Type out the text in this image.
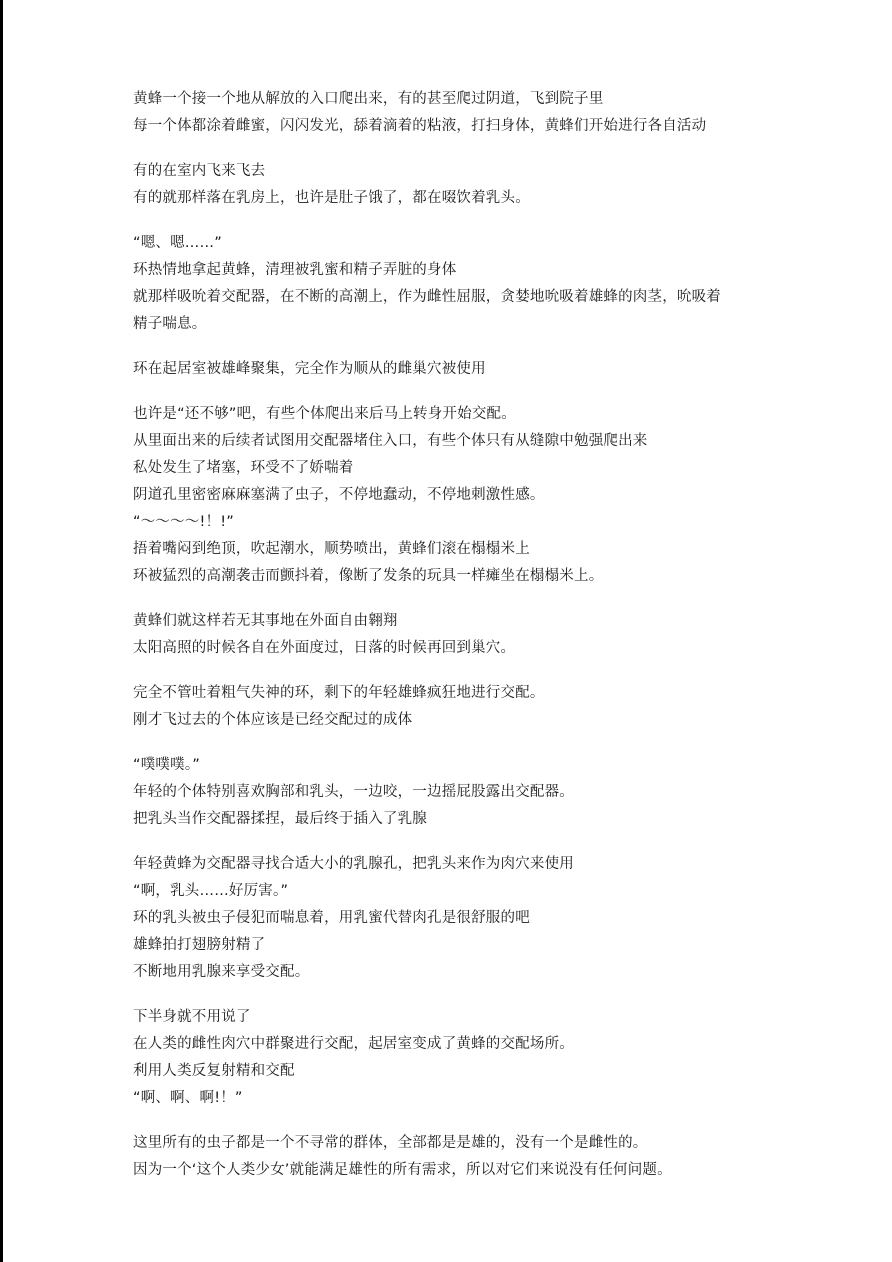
黄蜂一个接一个地从解放的入口爬出来，有的甚至爬过阴道，飞到院子里
每一个体都涂着雌蜜，闪闪发光，舔着滴着的粘液，打扫身体，黄蜂们开始进行各自活动
有的在室内飞来飞去
有的就那样落在乳房上，也许是肚子饿了，都在啜饮着乳头。
“嗯、嗯……”
环热情地拿起黄蜂，清理被乳蜜和精子弄脏的身体
就那样吸吮着交配器，在不断的高潮上，作为雌性屈服，贪婪地吮吸着雄蜂的肉茎，吮吸着
精子喘息。
环在起居室被雄峰聚集，完全作为顺从的雌巢穴被使用
也许是“还不够”吧，有些个体爬出来后马上转身开始交配。
从里面出来的后续者试图用交配器堵住入口，有些个体只有从缝隙中勉强爬出来
私处发生了堵塞，环受不了娇喘着
阴道孔里密密麻麻塞满了虫子，不停地蠢动，不停地刺激性感。
“～～～～!！!”
捂着嘴闷到绝顶，吹起潮水，顺势喷出，黄蜂们滚在榻榻米上
环被猛烈的高潮袭击而颤抖着，像断了发条的玩具一样瘫坐在榻榻米上。
黄蜂们就这样若无其事地在外面自由翱翔
太阳高照的时候各自在外面度过，日落的时候再回到巢穴。
完全不管吐着粗气失神的环，剩下的年轻雄蜂疯狂地进行交配。
刚才飞过去的个体应该是已经交配过的成体
“噗噗噗。”
年轻的个体特别喜欢胸部和乳头，一边咬，一边摇屁股露出交配器。
把乳头当作交配器揉捏，最后终于插入了乳腺
年轻黄蜂为交配器寻找合适大小的乳腺孔，把乳头来作为肉穴来使用
“啊，乳头……好厉害。”
环的乳头被虫子侵犯而喘息着，用乳蜜代替肉孔是很舒服的吧
雄蜂拍打翅膀射精了
不断地用乳腺来享受交配。
下半身就不用说了
在人类的雌性肉穴中群聚进行交配，起居室变成了黄蜂的交配场所。
利用人类反复射精和交配
“啊、啊、啊!！”
这里所有的虫子都是一个不寻常的群体，全部都是是雄的，没有一个是雌性的。
因为一个‘这个人类少女’就能满足雄性的所有需求，所以对它们来说没有任何问题。
